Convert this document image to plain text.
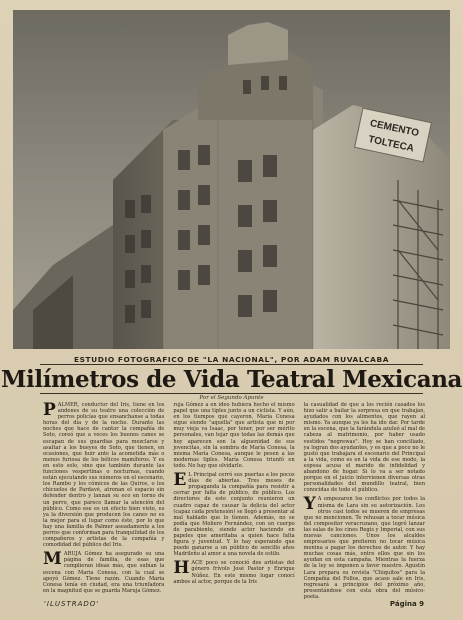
CEMENTO
TOLTECA
ESTUDIO FOTOGRAFICO DE "LA NACIONAL", POR ADAM RUVALCABA
Milímetros de Vida Teatral Mexicana
Por el Segundo Apunte

PALMER, conductor del Iris, tiene en los andenes de su teatro una colección de perros policías que ensanchanse a todas horas del día y de la noche. Durante las noches que hace de cantor la compañía de Soto, coreó que a veces los buenos canes se escapan de sus guardias para mezclarse y asaltar a los bueyes de Soto, que tienen, en ocasiones, que huir ante la acometida más o menos furiosa de los bélicos mamíferos. Y es en esto solo, sino que también durante las funciones vespertinas o nocturnas, cuando están ejecutando sus números en el escenario, los Rambo y los cómicos de las Quiros, o los chicuelos de Pardavé, atronan el espacio sin defender dentro y lanzan su eco en torno de un perro, que parece llamar la atención del público. Como ese es un efecto bien visto, es ya la diversión que producen los canes no es la mejor para el lugar como éste, por lo que hay una familia de Palmer aseadamente a los perros que conforman para tranquilidad de los compañeros y artistas de la compañía y comodidad del público del Iris.

MARUJA Gómez ha asegurado su una página de familia, de esas que cumplieran ideas más, que subían la escena con Maria Conesa, con la cual se apoyó Gómez. Tiene razón. Cuando Maria Conesa tenía en ciudad, era una triunfadora en la magnitud que se guarda Maruja Gómez.

ruja Gómez a en ideo hubiera hecho el mismo papel que una tiples junto a un ciclista. Y aún, en los tiempos que cayeron, Maria Conesa sigue siendo "aquélla" que artista que ni por muy vieja va Isaac, por tener, por ser mérito personales, van tejar que todas las demás que hoy aparecen son la alguenidad de sus jovencitas, sin la sombra de María Conesa, la misma María Conesa, aunque le pesen a las modernas tiples. María Conesa triunfó en todo. No hay que olvidarlo.

E L Principal cerró sus puertas a los pocos días de abiertas. Tres meses de propaganda la compañía para resistir a cerrar por falta de público, de público. Los directores de este conjunto reunieron un cuadro capaz de causar la delicia del actor (capaz cada pretensión) se llegó a presentar al mal hablado que lo tienen. Además, no se podía que Moliere Fernández, con un cuerpo de parabiento, siendo actor haciendo en papeles que ameritaba a quien hace falta figura y juventud. Y lo hay esperando que puede ganarse a un público de sencillo años Madrileño al amor a una novela de estilo.

HACE poco se conoció dos artistas del género frívolo José Pastor y Enrique Núñez. En este mismo lugar conocí ambos al actor, porque de la Iris

la casualidad de que a los recién casados los hizo salir a bailar la sorpresa en que trabajan, ayudados con los alimentos, que rayen al mismo. Ya aunque ya les ha ido dar. Por tarde en la escena, que la farándula azuleó al mal de cabeza al matrimonio, por haber usado vestidos "negrewas". Hoy se han conciliado, ya logran dos ayudantes, y es que a poco no le gustó que trabajara el escenario del Principal a la vida, como es en la vida de ese modo, la esposa acusa el marido de infidelidad y abandono de hogar. Si lo va a ser notado porque en el juicio intervienen diversas otras personalidades del mundillo teatral, bien conocidas de todo el público.

Y A empezaron los conflictos por todos la misma de Lara sin su autorización. Los otros casi todos se mueren de empresas que no mencionen. Te rehusan a tocar música del compositor veracruzano, que logró lanzar las salas de los cines Regis y Imperial, con sus nuevas canciones. Unos los alcaldes empresarios que prefieren no tocar música menina a pagar los derechos de autor. Y hay muchas cosas más, entre ellos que sin los ayudan en esta campaña. Mientras la fuerza de la ley se imponen a favor nuestro. Agustín Lara prepara su revista "Chiquitos" para la Compañía del Follos, que acaso sale en Iris, regresará a principios del próximo año, presentándose con esta obra del músico-poeta.

'ILUSTRADO'	Página 9
